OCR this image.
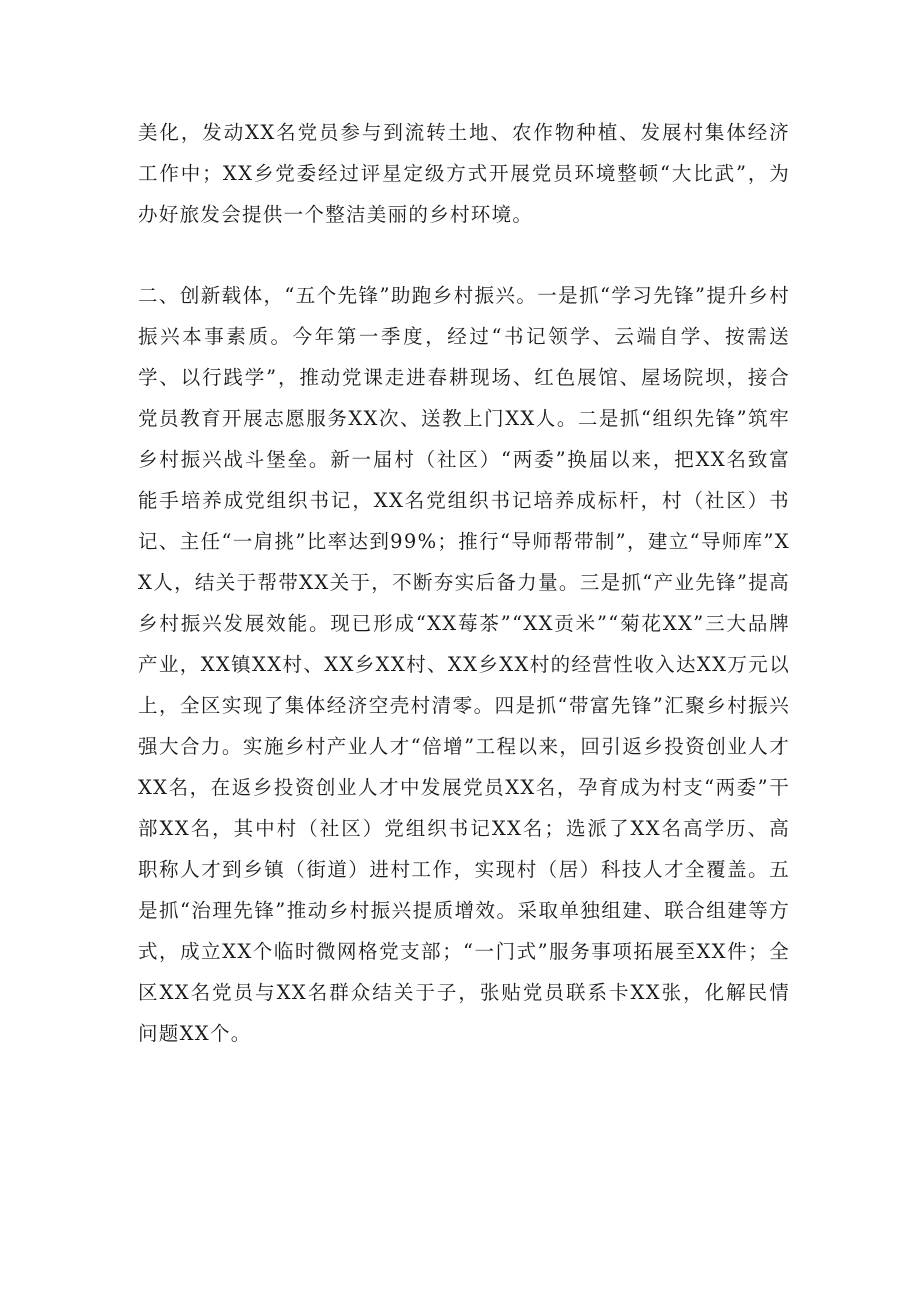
美化，发动XX名党员参与到流转土地、农作物种植、发展村集体经济工作中；XX乡党委经过评星定级方式开展党员环境整顿“大比武”，为办好旅发会提供一个整洁美丽的乡村环境。

二、创新载体，“五个先锋”助跑乡村振兴。一是抓“学习先锋”提升乡村振兴本事素质。今年第一季度，经过“书记领学、云端自学、按需送学、以行践学”，推动党课走进春耕现场、红色展馆、屋场院坝，接合党员教育开展志愿服务XX次、送教上门XX人。二是抓“组织先锋”筑牢乡村振兴战斗堡垒。新一届村（社区）“两委”换届以来，把XX名致富能手培养成党组织书记，XX名党组织书记培养成标杆，村（社区）书记、主任“一肩挑”比率达到99%；推行“导师帮带制”，建立“导师库”XX人，结关于帮带XX关于，不断夯实后备力量。三是抓“产业先锋”提高乡村振兴发展效能。现已形成“XX莓茶”“XX贡米”“菊花XX”三大品牌产业，XX镇XX村、XX乡XX村、XX乡XX村的经营性收入达XX万元以上，全区实现了集体经济空壳村清零。四是抓“带富先锋”汇聚乡村振兴强大合力。实施乡村产业人才“倍增”工程以来，回引返乡投资创业人才XX名，在返乡投资创业人才中发展党员XX名，孕育成为村支“两委”干部XX名，其中村（社区）党组织书记XX名；选派了XX名高学历、高职称人才到乡镇（街道）进村工作，实现村（居）科技人才全覆盖。五是抓“治理先锋”推动乡村振兴提质增效。采取单独组建、联合组建等方式，成立XX个临时微网格党支部；“一门式”服务事项拓展至XX件；全区XX名党员与XX名群众结关于子，张贴党员联系卡XX张，化解民情问题XX个。
